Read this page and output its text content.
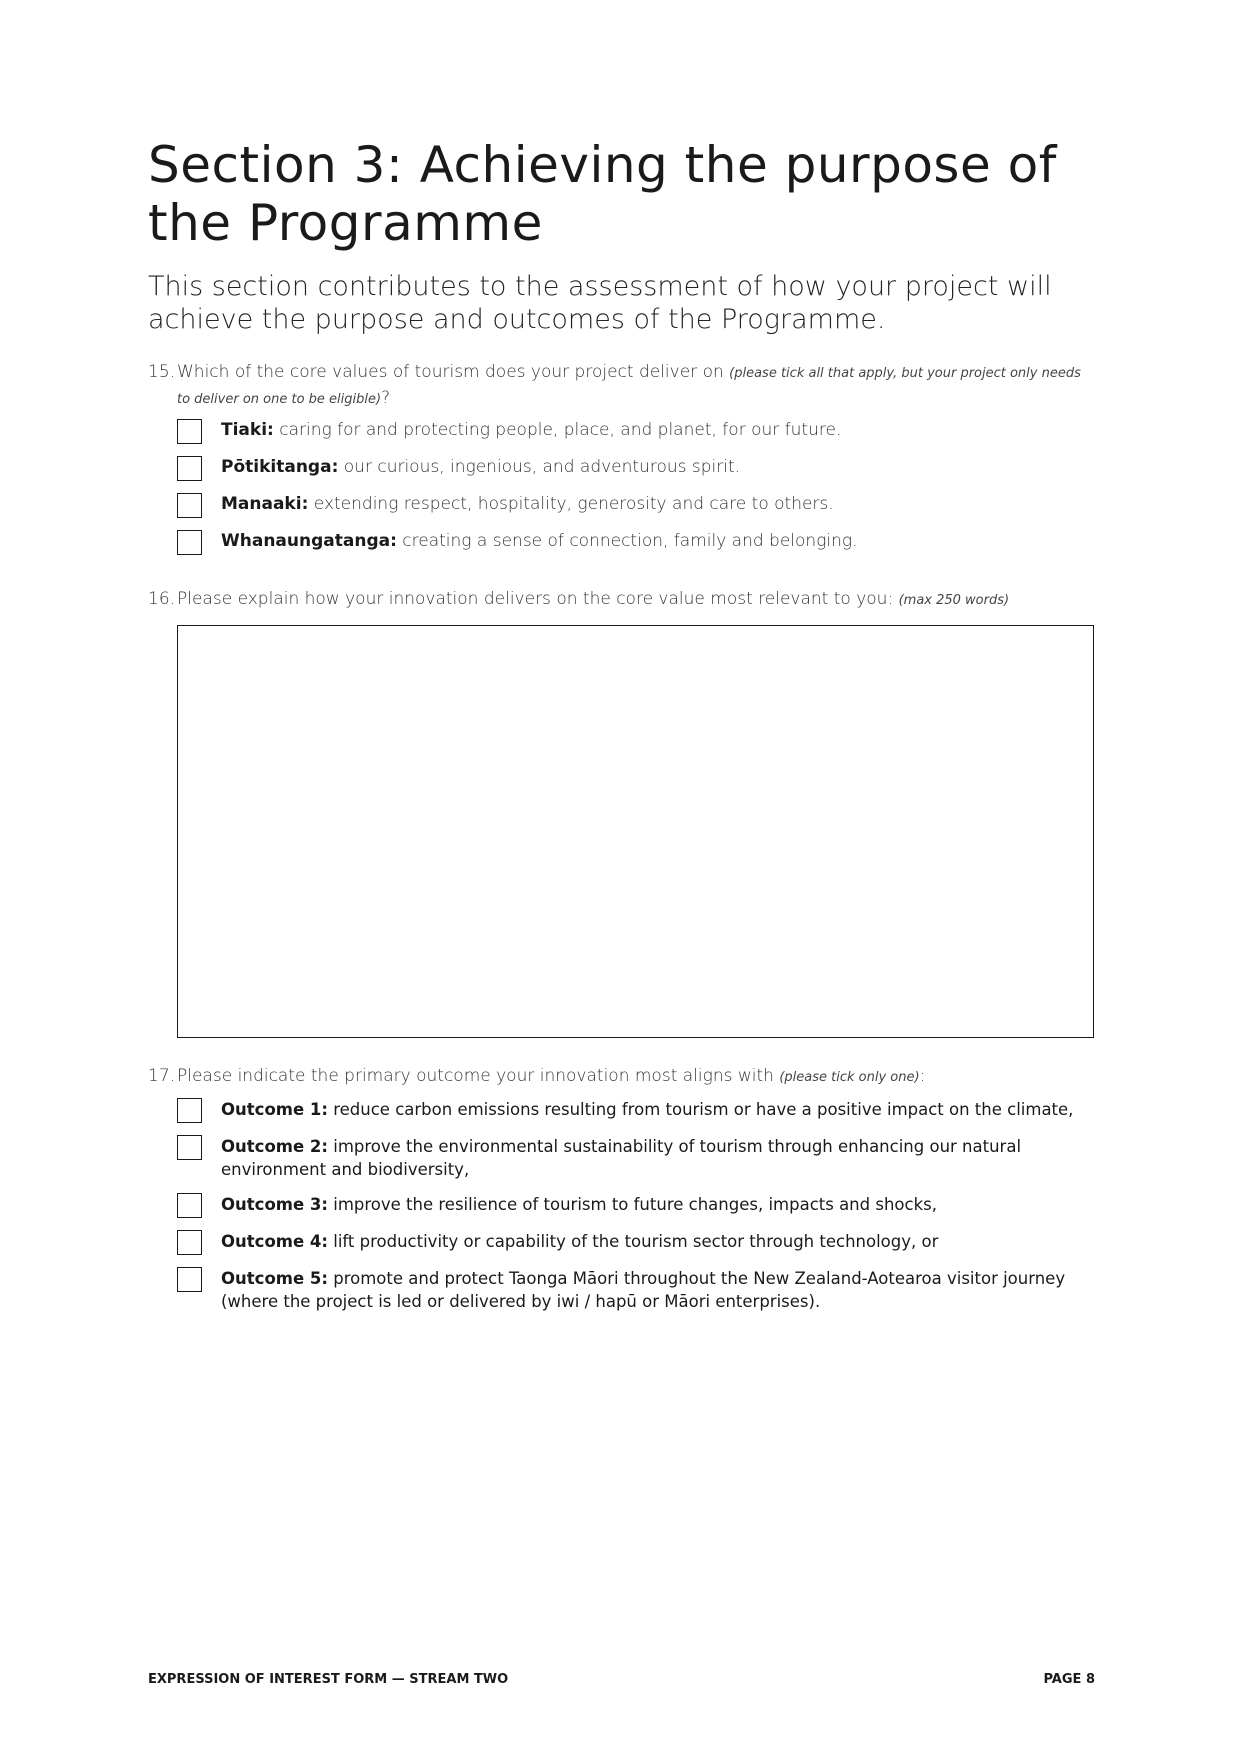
Section 3: Achieving the purpose of the Programme

This section contributes to the assessment of how your project will achieve the purpose and outcomes of the Programme.

15. Which of the core values of tourism does your project deliver on (please tick all that apply, but your project only needs to deliver on one to be eligible)?
Tiaki: caring for and protecting people, place, and planet, for our future.
Pōtikitanga: our curious, ingenious, and adventurous spirit.
Manaaki: extending respect, hospitality, generosity and care to others.
Whanaungatanga: creating a sense of connection, family and belonging.
16. Please explain how your innovation delivers on the core value most relevant to you: (max 250 words)
17. Please indicate the primary outcome your innovation most aligns with (please tick only one):
Outcome 1: reduce carbon emissions resulting from tourism or have a positive impact on the climate,
Outcome 2: improve the environmental sustainability of tourism through enhancing our natural environment and biodiversity,
Outcome 3: improve the resilience of tourism to future changes, impacts and shocks,
Outcome 4: lift productivity or capability of the tourism sector through technology, or
Outcome 5: promote and protect Taonga Māori throughout the New Zealand-Aotearoa visitor journey (where the project is led or delivered by iwi / hapū or Māori enterprises).
EXPRESSION OF INTEREST FORM — STREAM TWO	PAGE 8
